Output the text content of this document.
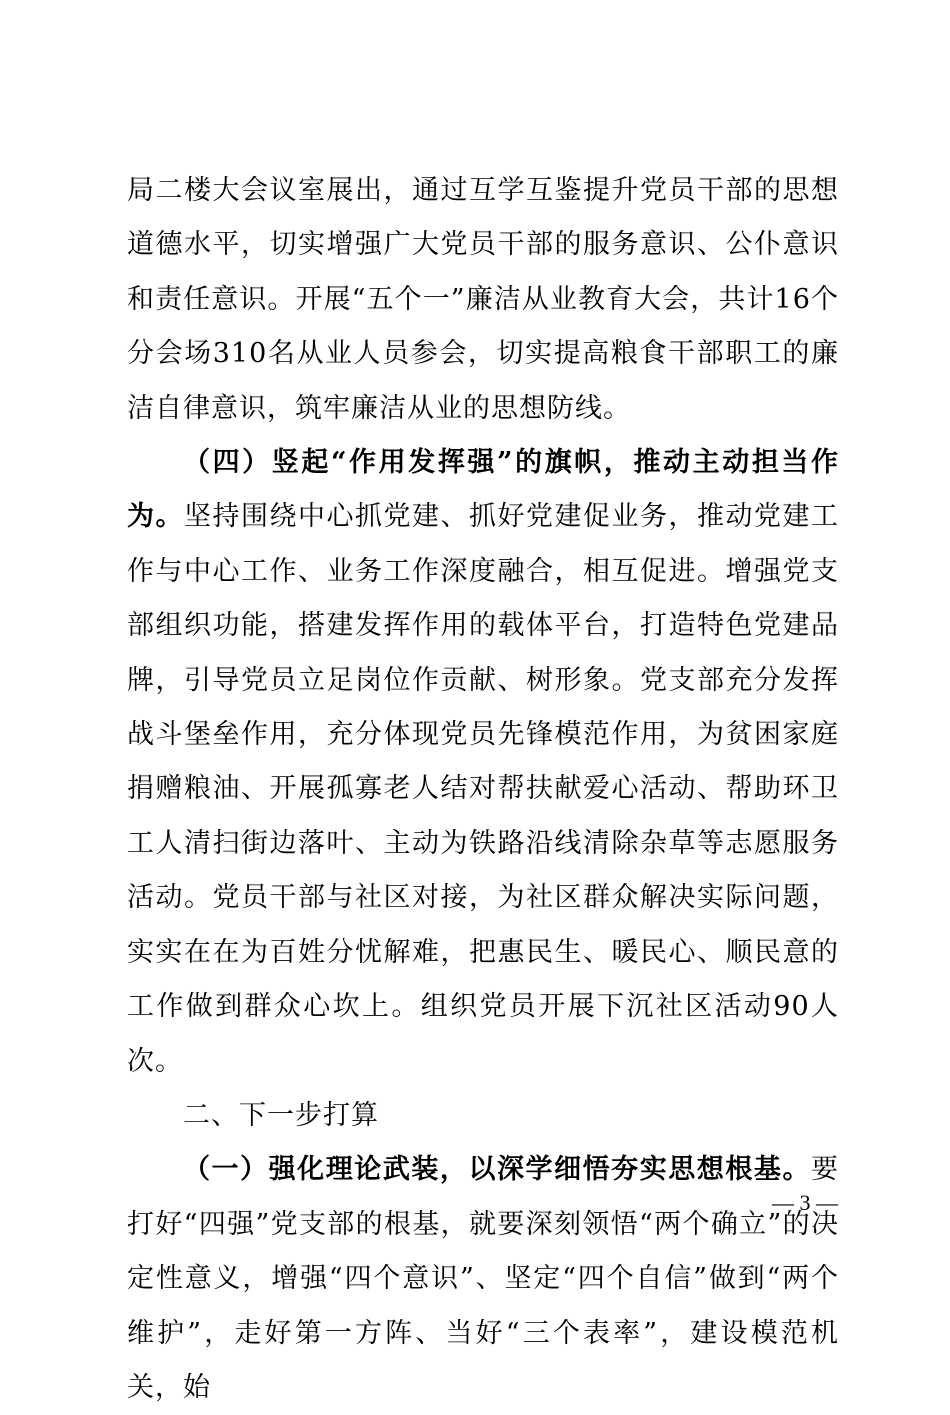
局二楼大会议室展出，通过互学互鉴提升党员干部的思想道德水平，切实增强广大党员干部的服务意识、公仆意识和责任意识。开展“五个一”廉洁从业教育大会，共计16个分会场310名从业人员参会，切实提高粮食干部职工的廉洁自律意识，筑牢廉洁从业的思想防线。

（四）竖起“作用发挥强”的旗帜，推动主动担当作为。坚持围绕中心抓党建、抓好党建促业务，推动党建工作与中心工作、业务工作深度融合，相互促进。增强党支部组织功能，搭建发挥作用的载体平台，打造特色党建品牌，引导党员立足岗位作贡献、树形象。党支部充分发挥战斗堡垒作用，充分体现党员先锋模范作用，为贫困家庭捐赠粮油、开展孤寡老人结对帮扶献爱心活动、帮助环卫工人清扫街边落叶、主动为铁路沿线清除杂草等志愿服务活动。党员干部与社区对接，为社区群众解决实际问题，实实在在为百姓分忧解难，把惠民生、暖民心、顺民意的工作做到群众心坎上。组织党员开展下沉社区活动90人次。

二、下一步打算

（一）强化理论武装，以深学细悟夯实思想根基。要打好“四强”党支部的根基，就要深刻领悟“两个确立”的决定性意义，增强“四个意识”、坚定“四个自信”做到“两个维护”，走好第一方阵、当好“三个表率”，建设模范机关，始

— 3 —
